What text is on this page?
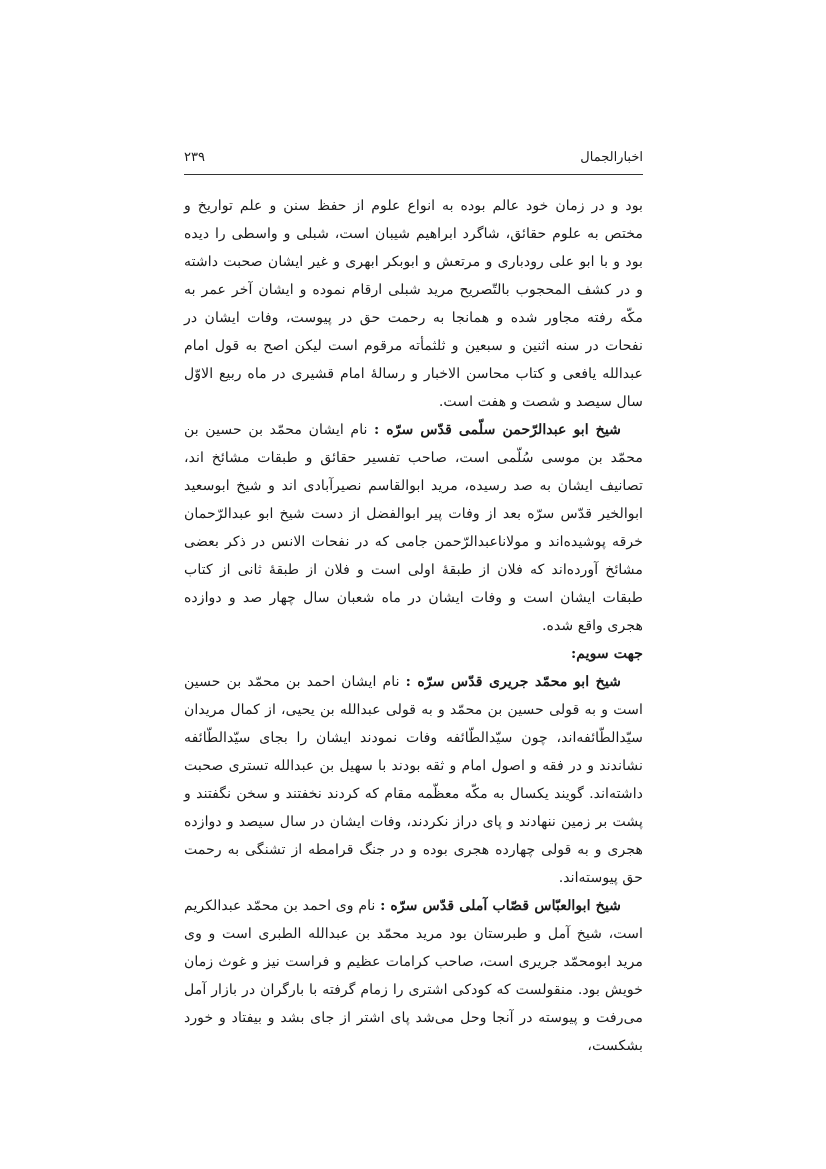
اخبارالجمال
۲۳۹

بود و در زمان خود عالم بوده به انواع علوم از حفظ سنن و علم تواریخ و مختص به علوم حقائق، شاگرد ابراهیم شیبان است، شبلی و واسطی را دیده بود و با ابو علی رودباری و مرتعش و ابوبکر ابهری و غیر ایشان صحبت داشته و در کشف المحجوب بالتّصریح مرید شبلی ارقام نموده و ایشان آخر عمر به مکّه رفته مجاور شده و همانجا به رحمت حق در پیوست، وفات ایشان در نفحات در سنه اثنین و سبعین و ثلثمأته مرقوم است لیکن اصح به قول امام عبدالله یافعی و کتاب محاسن الاخبار و رسالهٔ امام قشیری در ماه ربیع الاوّل سال سیصد و شصت و هفت است.

شیخ ابو عبدالرّحمن سلّمی قدّس سرّه : نام ایشان محمّد بن حسین بن محمّد بن موسی سُلّمی است، صاحب تفسیر حقائق و طبقات مشائخ اند، تصانیف ایشان به صد رسیده، مرید ابوالقاسم نصیرآبادی اند و شیخ ابوسعید ابوالخیر قدّس سرّه بعد از وفات پیر ابوالفضل از دست شیخ ابو عبدالرّحمان خرقه پوشیده‌اند و مولاناعبدالرّحمن جامی که در نفحات الانس در ذکر بعضی مشائخ آورده‌اند که فلان از طبقهٔ اولی است و فلان از طبقهٔ ثانی از کتاب طبقات ایشان است و وفات ایشان در ماه شعبان سال چهار صد و دوازده هجری واقع شده.

جهت سویم:

شیخ ابو محمّد جریری قدّس سرّه : نام ایشان احمد بن محمّد بن حسین است و به قولی حسین بن محمّد و به قولی عبدالله بن یحیی، از کمال مریدان سیّدالطّائفه‌اند، چون سیّدالطّائفه وفات نمودند ایشان را بجای سیّدالطّائفه نشاندند و در فقه و اصول امام و ثقه بودند با سهیل بن عبدالله تستری صحبت داشته‌اند. گویند یکسال به مکّه معظّمه مقام که کردند نخفتند و سخن نگفتند و پشت بر زمین ننهادند و پای دراز نکردند، وفات ایشان در سال سیصد و دوازده هجری و به قولی چهارده هجری بوده و در جنگ قرامطه از تشنگی به رحمت حق پیوسته‌اند.

شیخ ابوالعبّاس قصّاب آملی قدّس سرّه : نام وی احمد بن محمّد عبدالکریم است، شیخ آمل و طبرستان بود مرید محمّد بن عبدالله الطبری است و وی مرید ابومحمّد جریری است، صاحب کرامات عظیم و فراست نیز و غوث زمان خویش بود. منقولست که کودکی اشتری را زمام گرفته با بارگران در بازار آمل می‌رفت و پیوسته در آنجا وحل می‌شد پای اشتر از جای بشد و بیفتاد و خورد بشکست،
